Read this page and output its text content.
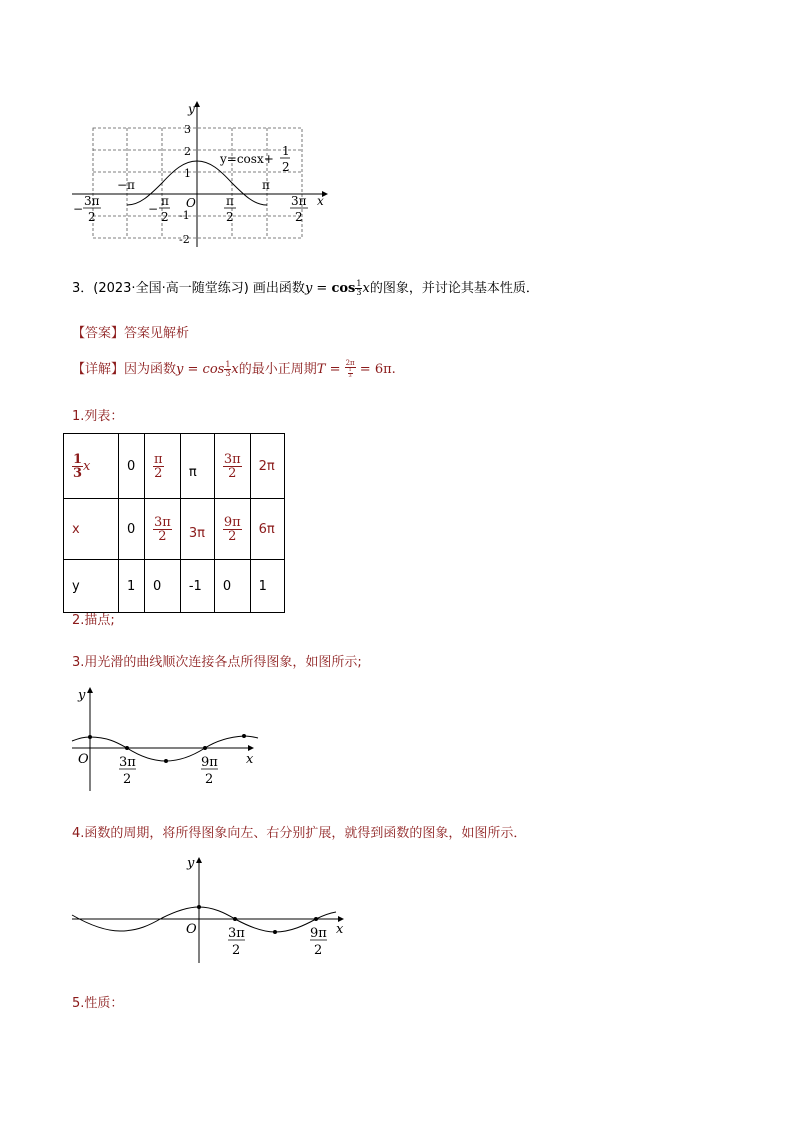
y
x
O
3
2
1
-1
-2
−π	π
−
3π
2
−
π
2
π
2
3π
2
y=cosx+
1
2
3．(2023·全国·高一随堂练习) 画出函数$y = \cos \frac{1}{3}$ x的图象，并讨论其基本性质．
【答案】答案见解析
【详解】因为函数$y = \cos \frac{1}{3}$ x的最小正周期$T = \frac{2\pi}{\frac{1}{3}} = 6\pi$.
1.列表：
$\frac{1}{3}$ x	0	$\frac{\pi}{2}$	π	$\frac{3\pi}{2}$	2π
x	0	$\frac{3\pi}{2}$	3π	$\frac{9\pi}{2}$	6π
y	1	0	-1	0	1
2.描点;
3.用光滑的曲线顺次连接各点所得图象，如图所示;
y
x
O 3π
2
9π
2
4.函数的周期，将所得图象向左、右分别扩展，就得到函数的图象，如图所示．
y
x
O 3π
2
9π
2
5.性质：
